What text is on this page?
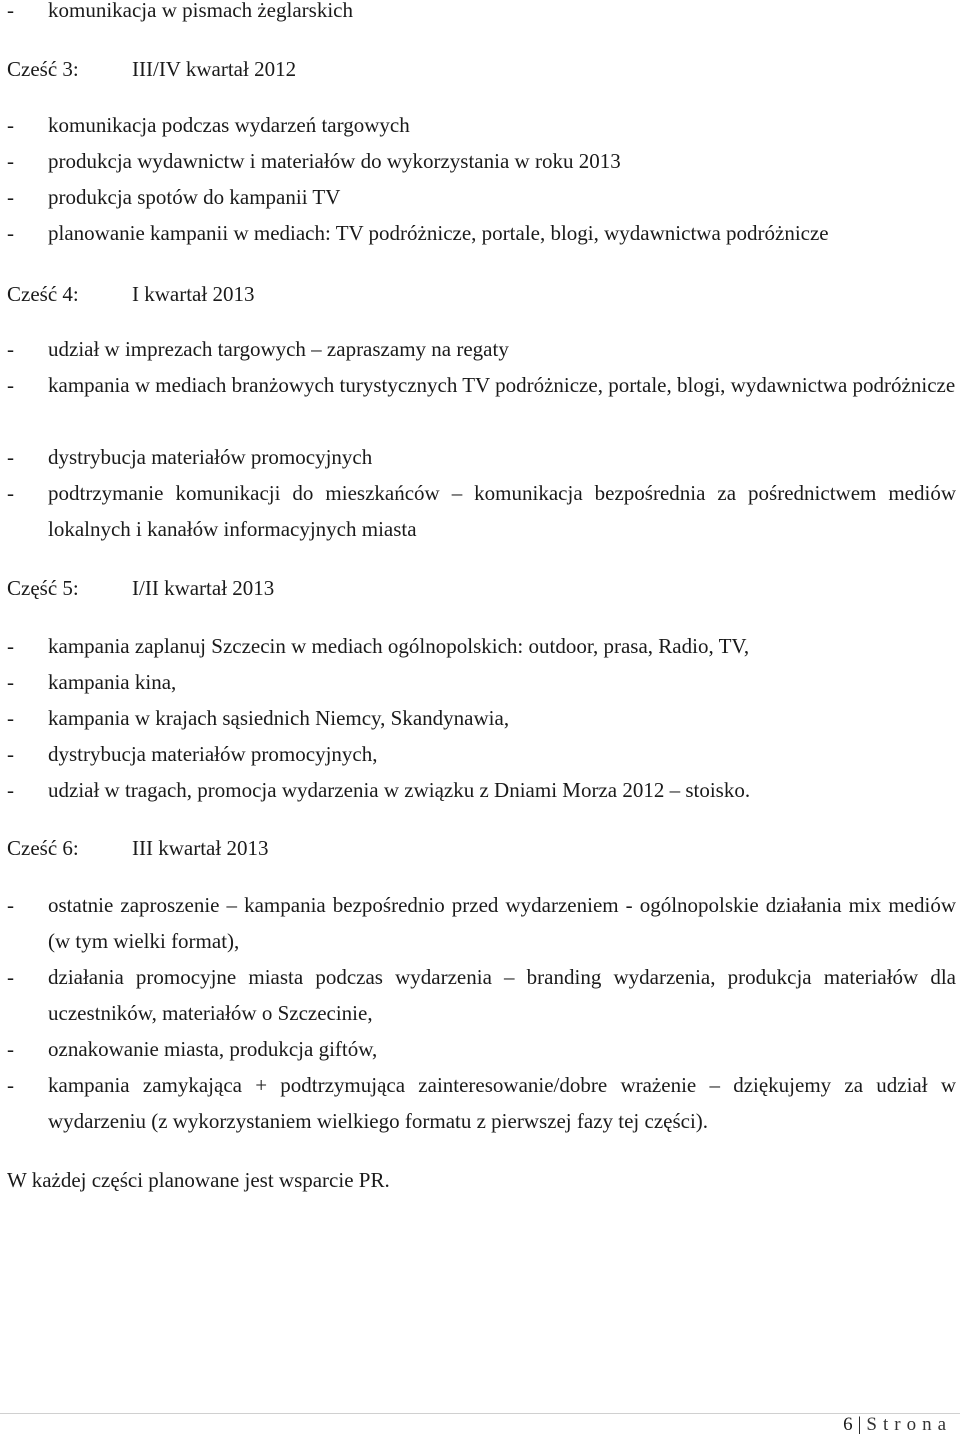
- komunikacja w pismach żeglarskich
Cześć 3:	III/IV kwartał 2012
- komunikacja podczas wydarzeń targowych
- produkcja wydawnictw i materiałów do wykorzystania w roku 2013
- produkcja spotów do kampanii TV
- planowanie kampanii w mediach: TV podróżnicze, portale, blogi, wydawnictwa podróżnicze
Cześć 4:	I kwartał 2013
- udział w imprezach targowych – zapraszamy na regaty
- kampania w mediach branżowych turystycznych TV podróżnicze, portale, blogi, wydawnictwa podróżnicze
- dystrybucja materiałów promocyjnych
- podtrzymanie komunikacji do mieszkańców – komunikacja bezpośrednia za pośrednictwem mediów lokalnych i kanałów informacyjnych miasta
Część 5:	I/II kwartał 2013
- kampania zaplanuj Szczecin w mediach ogólnopolskich: outdoor, prasa, Radio, TV,
- kampania kina,
- kampania w krajach sąsiednich Niemcy, Skandynawia,
- dystrybucja materiałów promocyjnych,
- udział w tragach, promocja wydarzenia w związku z Dniami Morza 2012 – stoisko.
Cześć 6:	III kwartał 2013
- ostatnie zaproszenie – kampania bezpośrednio przed wydarzeniem - ogólnopolskie działania mix mediów (w tym wielki format),
- działania promocyjne miasta podczas wydarzenia – branding wydarzenia, produkcja materiałów dla uczestników, materiałów o Szczecinie,
- oznakowanie miasta, produkcja giftów,
- kampania zamykająca + podtrzymująca zainteresowanie/dobre wrażenie – dziękujemy za udział w wydarzeniu (z wykorzystaniem wielkiego formatu z pierwszej fazy tej części).
W każdej części planowane jest wsparcie PR.
6 | Strona
